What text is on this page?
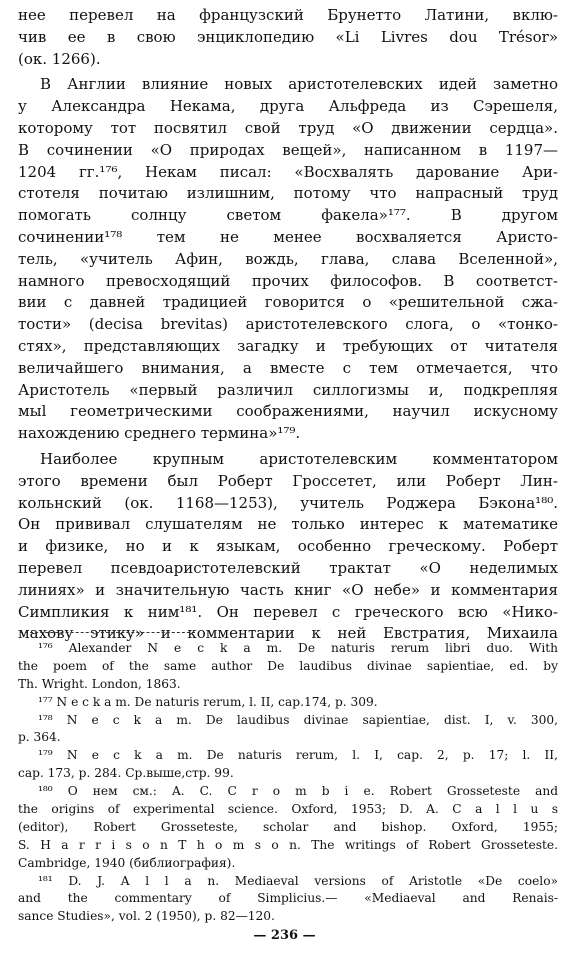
нее перевел на французский Брунетто Латини, вклю-
чив ее в свою энциклопедию «Li Livres dou Trésor»
(ок. 1266).
В Англии влияние новых аристотелевских идей заметно
у Александра Некама, друга Альфреда из Сэрешеля,
которому тот посвятил свой труд «О движении сердца».
В сочинении «О природах вещей», написанном в 1197—
1204 гг.¹⁷⁶, Некам писал: «Восхвалять дарование Ари-
стотеля почитаю излишним, потому что напрасный труд
помогать солнцу светом факела»¹⁷⁷. В другом
сочинении¹⁷⁸ тем не менее восхваляется Аристо-
тель, «учитель Афин, вождь, глава, слава Вселенной»,
намного превосходящий прочих философов. В соответст-
вии с давней традицией говорится о «решительной сжа-
тости» (decisa brevitas) аристотелевского слога, о «тонко-
стях», представляющих загадку и требующих от читателя
величайшего внимания, а вместе с тем отмечается, что
Аристотель «первый различил силлогизмы и, подкрепляя
мыl геометрическими соображениями, научил искусному
нахождению среднего термина»¹⁷⁹.
Наиболее крупным аристотелевским комментатором
этого времени был Роберт Гроссетет, или Роберт Лин-
кольнский (ок. 1168—1253), учитель Роджера Бэкона¹⁸⁰.
Он прививал слушателям не только интерес к математике
и физике, но и к языкам, особенно греческому. Роберт
перевел псевдоаристотелевский трактат «О неделимых
линиях» и значительную часть книг «О небе» и комментария
Симпликия к ним¹⁸¹. Он перевел с греческого всю «Нико-
махову этику» и комментарии к ней Евстратия, Михаила
¹⁷⁶ Alexander N e c k a m. De naturis rerum libri duo. With
the poem of the same author De laudibus divinae sapientiae, ed. by
Th. Wright. London, 1863.
¹⁷⁷ N e c k a m. De naturis rerum, l. II, cap.174, p. 309.
¹⁷⁸ N e c k a m. De laudibus divinae sapientiae, dist. I, v. 300,
p. 364.
¹⁷⁹ N e c k a m. De naturis rerum, l. I, cap. 2, p. 17; l. II,
cap. 173, p. 284. Ср.выше,стр. 99.
¹⁸⁰ О нем см.: A. C. C r o m b i e. Robert Grosseteste and
the origins of experimental science. Oxford, 1953; D. A. C a l l u s
(editor), Robert Grosseteste, scholar and bishop. Oxford, 1955;
S. H a r r i s o n T h o m s o n. The writings of Robert Grosseteste.
Cambridge, 1940 (библиография).
¹⁸¹ D. J. A l l a n. Mediaeval versions of Aristotle «De coelo»
and the commentary of Simplicius.— «Mediaeval and Renais-
sance Studies», vol. 2 (1950), p. 82—120.
— 236 —
